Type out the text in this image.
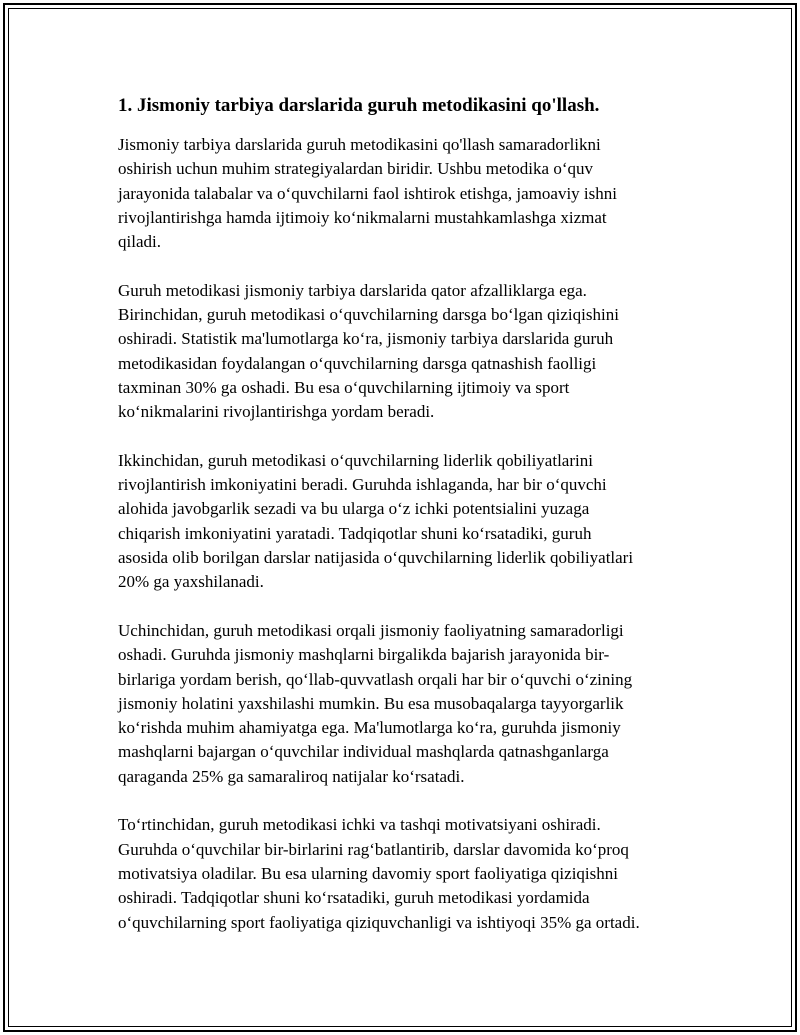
1. Jismoniy tarbiya darslarida guruh metodikasini qo'llash.

Jismoniy tarbiya darslarida guruh metodikasini qo'llash samaradorlikni
oshirish uchun muhim strategiyalardan biridir. Ushbu metodika o‘quv
jarayonida talabalar va o‘quvchilarni faol ishtirok etishga, jamoaviy ishni
rivojlantirishga hamda ijtimoiy ko‘nikmalarni mustahkamlashga xizmat
qiladi.

Guruh metodikasi jismoniy tarbiya darslarida qator afzalliklarga ega.
Birinchidan, guruh metodikasi o‘quvchilarning darsga bo‘lgan qiziqishini
oshiradi. Statistik ma'lumotlarga ko‘ra, jismoniy tarbiya darslarida guruh
metodikasidan foydalangan o‘quvchilarning darsga qatnashish faolligi
taxminan 30% ga oshadi. Bu esa o‘quvchilarning ijtimoiy va sport
ko‘nikmalarini rivojlantirishga yordam beradi.

Ikkinchidan, guruh metodikasi o‘quvchilarning liderlik qobiliyatlarini
rivojlantirish imkoniyatini beradi. Guruhda ishlaganda, har bir o‘quvchi
alohida javobgarlik sezadi va bu ularga o‘z ichki potentsialini yuzaga
chiqarish imkoniyatini yaratadi. Tadqiqotlar shuni ko‘rsatadiki, guruh
asosida olib borilgan darslar natijasida o‘quvchilarning liderlik qobiliyatlari
20% ga yaxshilanadi.

Uchinchidan, guruh metodikasi orqali jismoniy faoliyatning samaradorligi
oshadi. Guruhda jismoniy mashqlarni birgalikda bajarish jarayonida bir-
birlariga yordam berish, qo‘llab-quvvatlash orqali har bir o‘quvchi o‘zining
jismoniy holatini yaxshilashi mumkin. Bu esa musobaqalarga tayyorgarlik
ko‘rishda muhim ahamiyatga ega. Ma'lumotlarga ko‘ra, guruhda jismoniy
mashqlarni bajargan o‘quvchilar individual mashqlarda qatnashganlarga
qaraganda 25% ga samaraliroq natijalar ko‘rsatadi.

To‘rtinchidan, guruh metodikasi ichki va tashqi motivatsiyani oshiradi.
Guruhda o‘quvchilar bir-birlarini rag‘batlantirib, darslar davomida ko‘proq
motivatsiya oladilar. Bu esa ularning davomiy sport faoliyatiga qiziqishni
oshiradi. Tadqiqotlar shuni ko‘rsatadiki, guruh metodikasi yordamida
o‘quvchilarning sport faoliyatiga qiziquvchanligi va ishtiyoqi 35% ga ortadi.
